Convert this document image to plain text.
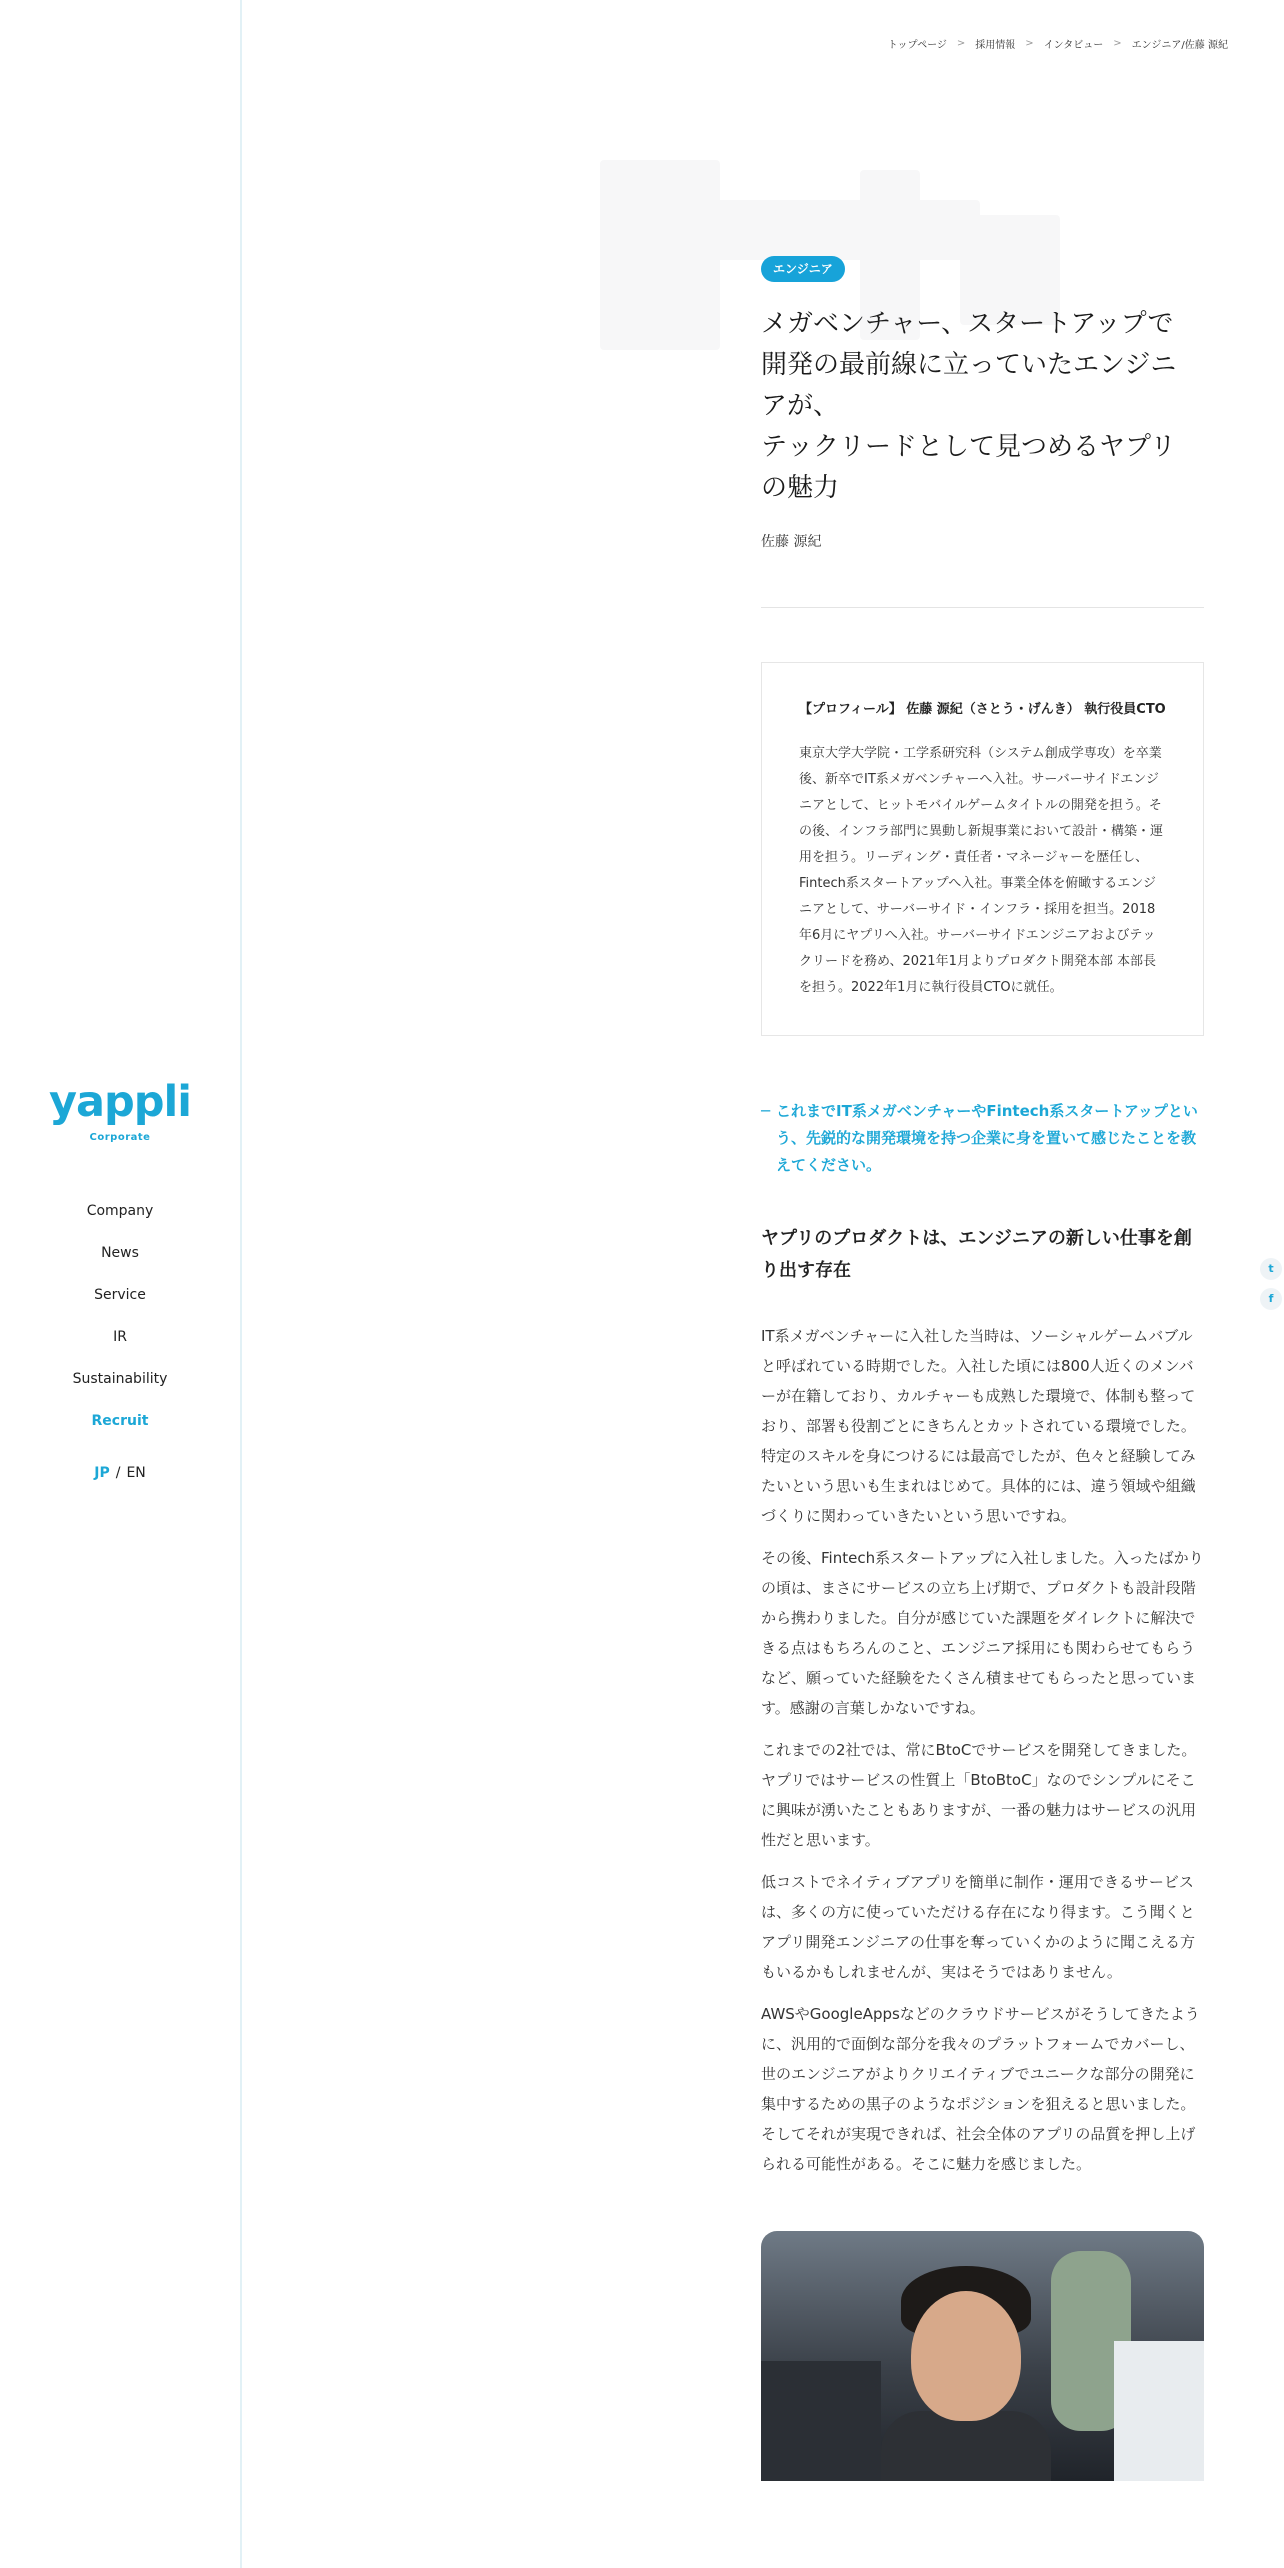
yappli
Corporate
Company
News
Service
IR
Sustainability
Recruit
JP / EN
トップページ > 採用情報 > インタビュー > エンジニア/佐藤 源紀
t
f
エンジニア
メガベンチャー、スタートアップで
開発の最前線に立っていたエンジニ
アが、
テックリードとして見つめるヤプリ
の魅力
佐藤 源紀
【プロフィール】 佐藤 源紀（さとう・げんき） 執行役員CTO
東京大学大学院・工学系研究科（システム創成学専攻）を卒業後、新卒でIT系メガベンチャーへ入社。サーバーサイドエンジニアとして、ヒットモバイルゲームタイトルの開発を担う。その後、インフラ部門に異動し新規事業において設計・構築・運用を担う。リーディング・責任者・マネージャーを歴任し、Fintech系スタートアップへ入社。事業全体を俯瞰するエンジニアとして、サーバーサイド・インフラ・採用を担当。2018年6月にヤプリへ入社。サーバーサイドエンジニアおよびテックリードを務め、2021年1月よりプロダクト開発本部 本部長を担う。2022年1月に執行役員CTOに就任。
─ これまでIT系メガベンチャーやFintech系スタートアップという、先鋭的な開発環境を持つ企業に身を置いて感じたことを教えてください。
ヤプリのプロダクトは、エンジニアの新しい仕事を創り出す存在

IT系メガベンチャーに入社した当時は、ソーシャルゲームバブルと呼ばれている時期でした。入社した頃には800人近くのメンバーが在籍しており、カルチャーも成熟した環境で、体制も整っており、部署も役割ごとにきちんとカットされている環境でした。特定のスキルを身につけるには最高でしたが、色々と経験してみたいという思いも生まれはじめて。具体的には、違う領域や組織づくりに関わっていきたいという思いですね。

その後、Fintech系スタートアップに入社しました。入ったばかりの頃は、まさにサービスの立ち上げ期で、プロダクトも設計段階から携わりました。自分が感じていた課題をダイレクトに解決できる点はもちろんのこと、エンジニア採用にも関わらせてもらうなど、願っていた経験をたくさん積ませてもらったと思っています。感謝の言葉しかないですね。

これまでの2社では、常にBtoCでサービスを開発してきました。ヤプリではサービスの性質上「BtoBtoC」なのでシンプルにそこに興味が湧いたこともありますが、一番の魅力はサービスの汎用性だと思います。

低コストでネイティブアプリを簡単に制作・運用できるサービスは、多くの方に使っていただける存在になり得ます。こう聞くとアプリ開発エンジニアの仕事を奪っていくかのように聞こえる方もいるかもしれませんが、実はそうではありません。

AWSやGoogleAppsなどのクラウドサービスがそうしてきたように、汎用的で面倒な部分を我々のプラットフォームでカバーし、世のエンジニアがよりクリエイティブでユニークな部分の開発に集中するための黒子のようなポジションを狙えると思いました。そしてそれが実現できれば、社会全体のアプリの品質を押し上げられる可能性がある。そこに魅力を感じました。
